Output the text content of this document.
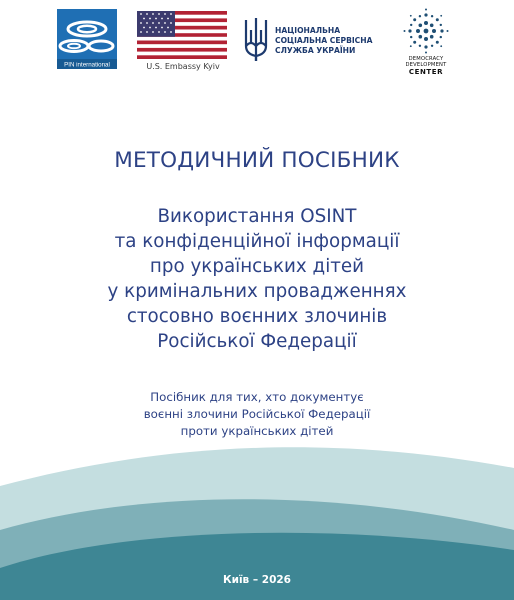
PIN international	U.S. Embassy Kyiv
НАЦІОНАЛЬНА
СОЦІАЛЬНА СЕРВІСНА
СЛУЖБА УКРАЇНИ
DEMOCRACY
DEVELOPMENT
CENTER
МЕТОДИЧНИЙ ПОСІБНИК
Використання OSINT
та конфіденційної інформації
про українських дітей
у кримінальних провадженнях
стосовно воєнних злочинів
Російської Федерації
Посібник для тих, хто документує
воєнні злочини Російської Федерації
проти українських дітей
Київ – 2026
